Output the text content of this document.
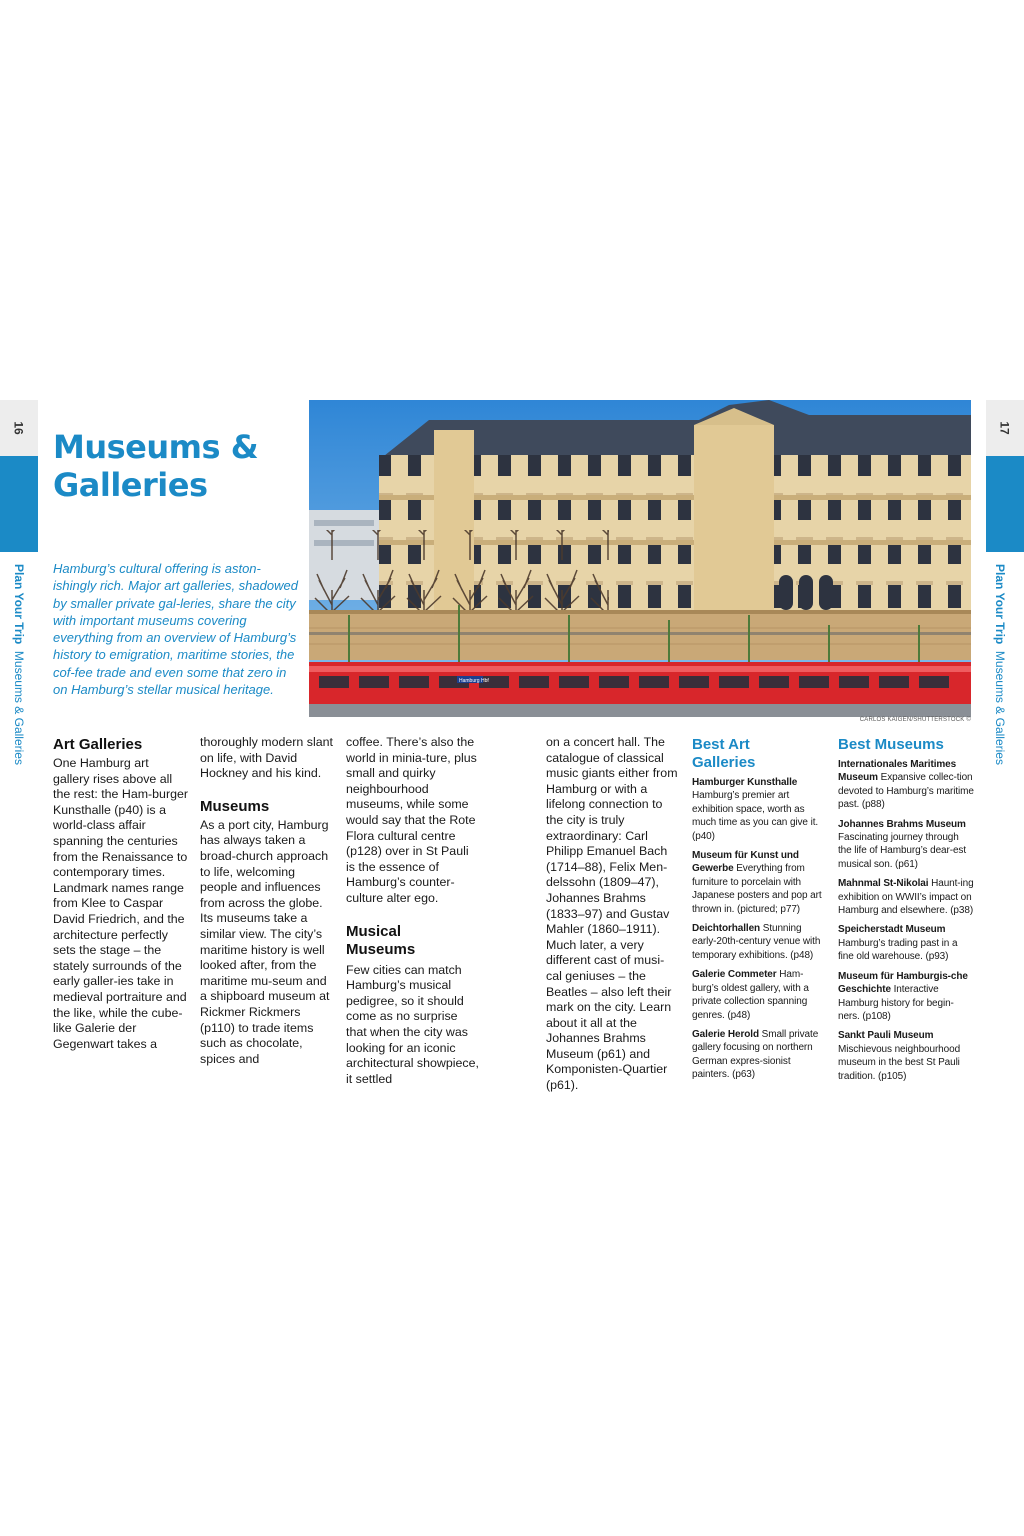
16
Plan Your Trip  Museums & Galleries
17
Plan Your Trip  Museums & Galleries
Museums &
Galleries

Hamburg’s cultural offering is aston-ishingly rich. Major art galleries, shadowed by smaller private gal-leries, share the city with important museums covering everything from an overview of Hamburg’s history to emigration, maritime stories, the cof-fee trade and even some that zero in on Hamburg’s stellar musical heritage.

Hamburg Hbf
CARLOS KAIGEN/SHUTTERSTOCK ©
Art Galleries

One Hamburg art gallery rises above all the rest: the Ham-burger Kunsthalle (p40) is a world-class affair spanning the centuries from the Renaissance to contemporary times. Landmark names range from Klee to Caspar David Friedrich, and the architecture perfectly sets the stage – the stately surrounds of the early galler-ies take in medieval portraiture and the like, while the cube-like Galerie der Gegenwart takes a

thoroughly modern slant on life, with David Hockney and his kind.

Museums

As a port city, Hamburg has always taken a broad-church approach to life, welcoming people and influences from across the globe. Its museums take a similar view. The city’s maritime history is well looked after, from the maritime mu-seum and a shipboard museum at Rickmer Rickmers (p110) to trade items such as chocolate, spices and

coffee. There’s also the world in minia-ture, plus small and quirky neighbourhood museums, while some would say that the Rote Flora cultural centre (p128) over in St Pauli is the essence of Hamburg’s counter-culture alter ego.

Musical
Museums

Few cities can match Hamburg’s musical pedigree, so it should come as no surprise that when the city was looking for an iconic architectural showpiece, it settled

on a concert hall. The catalogue of classical music giants either from Hamburg or with a lifelong connection to the city is truly extraordinary: Carl Philipp Emanuel Bach (1714–88), Felix Men-delssohn (1809–47), Johannes Brahms (1833–97) and Gustav Mahler (1860–1911). Much later, a very different cast of musi-cal geniuses – the Beatles – also left their mark on the city. Learn about it all at the Johannes Brahms Museum (p61) and Komponisten-Quartier (p61).

Best Art
Galleries

Hamburger Kunsthalle
Hamburg’s premier art exhibition space, worth as much time as you can give it. (p40)

Museum für Kunst und Gewerbe Everything from furniture to porcelain with Japanese posters and pop art thrown in. (pictured; p77)

Deichtorhallen Stunning early-20th-century venue with temporary exhibitions. (p48)

Galerie Commeter Ham-burg’s oldest gallery, with a private collection spanning genres. (p48)

Galerie Herold Small private gallery focusing on northern German expres-sionist painters. (p63)

Best Museums

Internationales Maritimes Museum Expansive collec-tion devoted to Hamburg’s maritime past. (p88)

Johannes Brahms Museum
Fascinating journey through the life of Hamburg’s dear-est musical son. (p61)

Mahnmal St-Nikolai Haunt-ing exhibition on WWII’s impact on Hamburg and elsewhere. (p38)

Speicherstadt Museum
Hamburg’s trading past in a fine old warehouse. (p93)

Museum für Hamburgis-che Geschichte Interactive Hamburg history for begin-ners. (p108)

Sankt Pauli Museum
Mischievous neighbourhood museum in the best St Pauli tradition. (p105)
